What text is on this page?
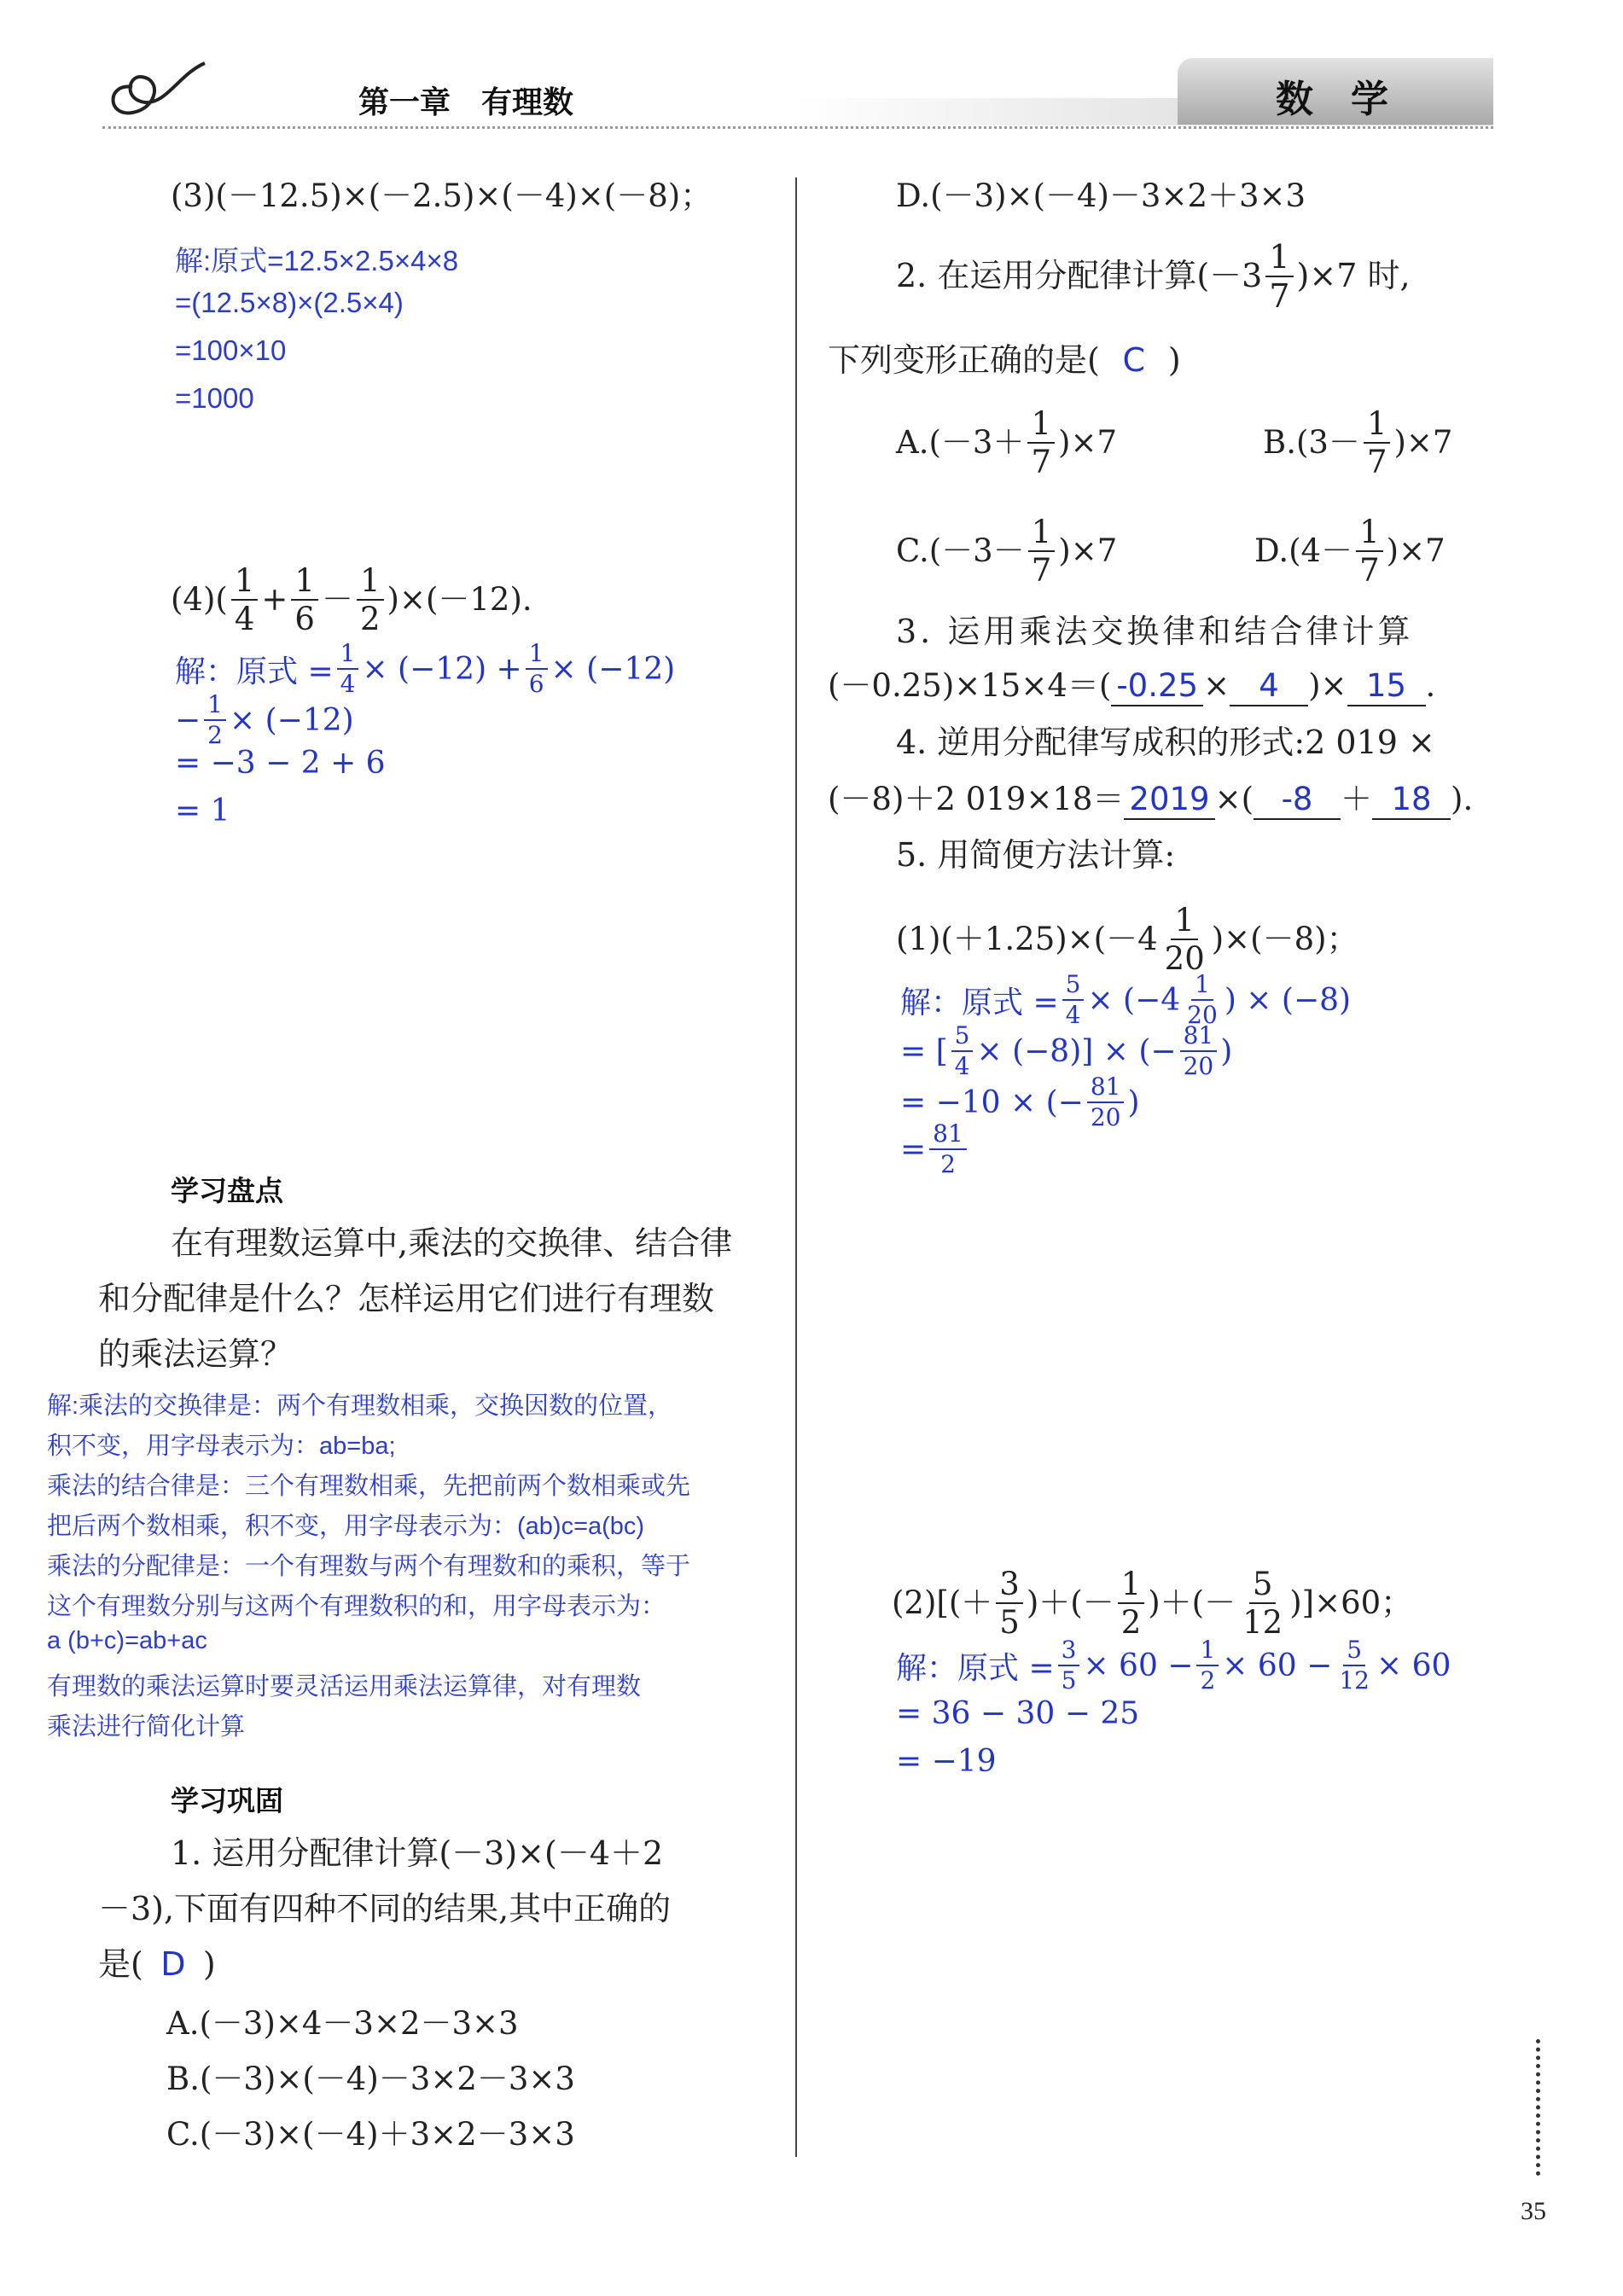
第一章　有理数	数　学
(3)(－12.5)×(－2.5)×(－4)×(－8)；
解:原式=12.5×2.5×4×8
=(12.5×8)×(2.5×4)
=100×10
=1000
(4)(
1
4
+ $\frac{1}{6}$ －
1
2
)×(－12).
解：原式 = $\frac{1}{4} \times (-12) + \frac{1}{6} \times (-12)$
− $\frac{1}{2} \times (-12)$
= −3 − 2 + 6
= 1
学习盘点
在有理数运算中,乘法的交换律、结合律
和分配律是什么？怎样运用它们进行有理数
的乘法运算？
解:乘法的交换律是：两个有理数相乘，交换因数的位置，
积不变，用字母表示为：ab=ba;
乘法的结合律是：三个有理数相乘，先把前两个数相乘或先
把后两个数相乘，积不变，用字母表示为：(ab)c=a(bc)
乘法的分配律是：一个有理数与两个有理数和的乘积，等于
这个有理数分别与这两个有理数积的和，用字母表示为：
a (b+c)=ab+ac
有理数的乘法运算时要灵活运用乘法运算律，对有理数
乘法进行简化计算
学习巩固
1. 运用分配律计算(－3)×(－4＋2
－3),下面有四种不同的结果,其中正确的
是( D )
A.(－3)×4－3×2－3×3
B.(－3)×(－4)－3×2－3×3
C.(－3)×(－4)＋3×2－3×3
D.(－3)×(－4)－3×2＋3×3
2. 在运用分配律计算(－3
1
7
)×7 时,
下列变形正确的是( C )
A.(－3＋
1
7
)×7	B.(3－
1
7
)×7
C.(－3－
1
7
)×7	D.(4－
1
7
)×7
3. 运用乘法交换律和结合律计算
(－0.25)×15×4＝( -0.25 × 4 )× 15 .
4. 逆用分配律写成积的形式:2 019 ×
(－8)＋2 019×18＝ 2019 ×( -8 ＋ 18 ).
5. 用简便方法计算:
(1)(＋1.25)×(－4
1
20
)×(－8)；
解：原式 = $\frac{5}{4} \times (-4$ 1
20 ) × (−8)
= [ $\frac{5}{4} \times (-8)$] × (− $\frac{81}{20}$ )
= −10 × (− $\frac{81}{20}$ )
= $\frac{81}{2}$
(2)[(＋
3
5
)＋(－
1
2
)＋(－
5
12
)]×60；
解：原式 = $\frac{3}{5} \times 60 - \frac{1}{2} \times 60 - \frac{5}{12} \times 60$
= 36 − 30 − 25
= −19
35
